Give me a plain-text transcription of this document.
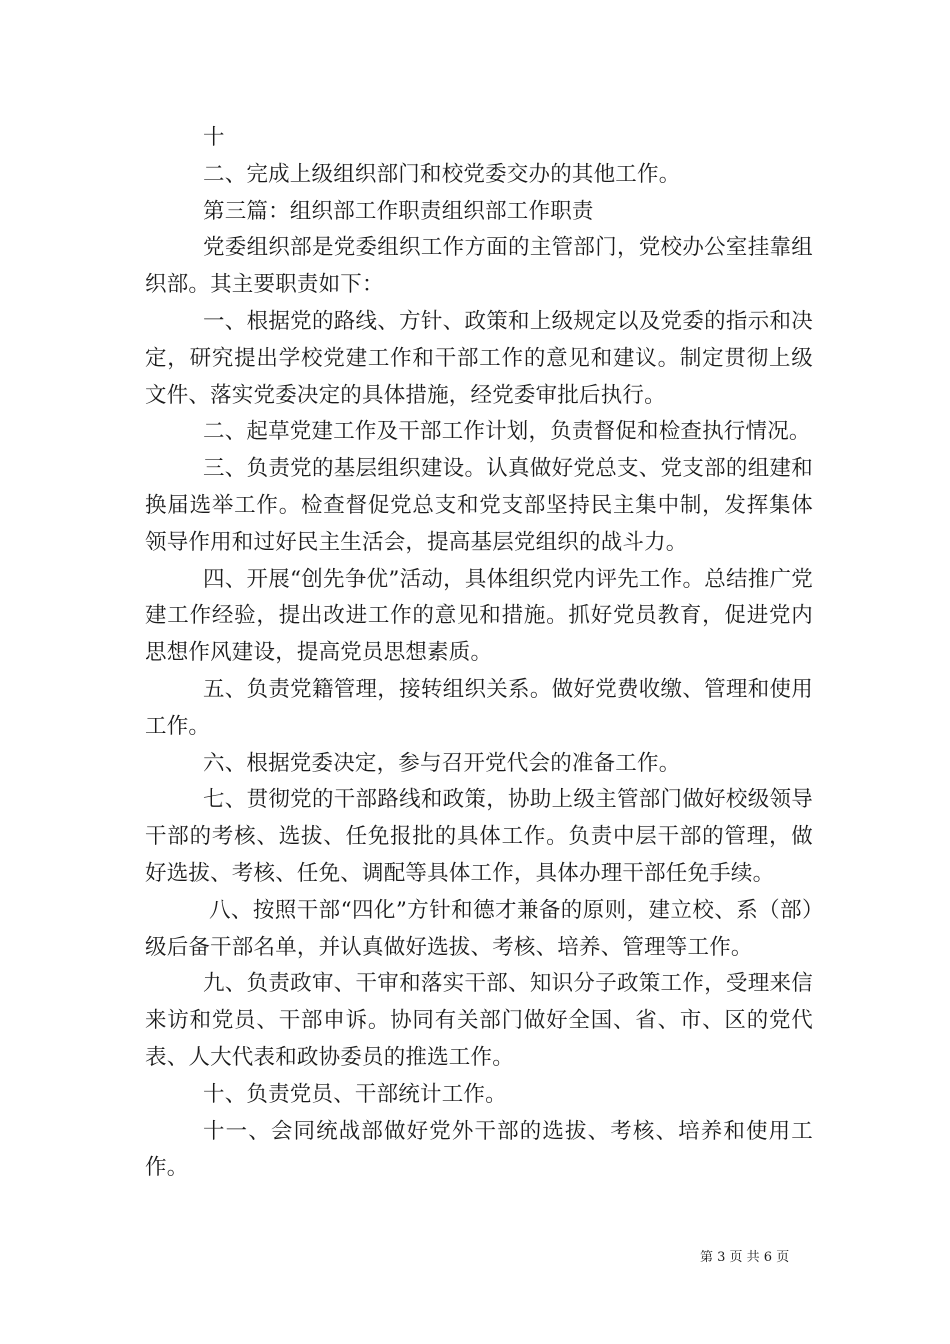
十

二、完成上级组织部门和校党委交办的其他工作。

第三篇：组织部工作职责组织部工作职责

党委组织部是党委组织工作方面的主管部门，党校办公室挂靠组织部。其主要职责如下：

一、根据党的路线、方针、政策和上级规定以及党委的指示和决定，研究提出学校党建工作和干部工作的意见和建议。制定贯彻上级文件、落实党委决定的具体措施，经党委审批后执行。

二、起草党建工作及干部工作计划，负责督促和检查执行情况。

三、负责党的基层组织建设。认真做好党总支、党支部的组建和换届选举工作。检查督促党总支和党支部坚持民主集中制，发挥集体领导作用和过好民主生活会，提高基层党组织的战斗力。

四、开展“创先争优”活动，具体组织党内评先工作。总结推广党建工作经验，提出改进工作的意见和措施。抓好党员教育，促进党内思想作风建设，提高党员思想素质。

五、负责党籍管理，接转组织关系。做好党费收缴、管理和使用工作。

六、根据党委决定，参与召开党代会的准备工作。

七、贯彻党的干部路线和政策，协助上级主管部门做好校级领导干部的考核、选拔、任免报批的具体工作。负责中层干部的管理，做好选拔、考核、任免、调配等具体工作，具体办理干部任免手续。

八、按照干部“四化”方针和德才兼备的原则，建立校、系（部）级后备干部名单，并认真做好选拔、考核、培养、管理等工作。

九、负责政审、干审和落实干部、知识分子政策工作，受理来信来访和党员、干部申诉。协同有关部门做好全国、省、市、区的党代表、人大代表和政协委员的推选工作。

十、负责党员、干部统计工作。

十一、会同统战部做好党外干部的选拔、考核、培养和使用工作。

第 3 页 共 6 页
